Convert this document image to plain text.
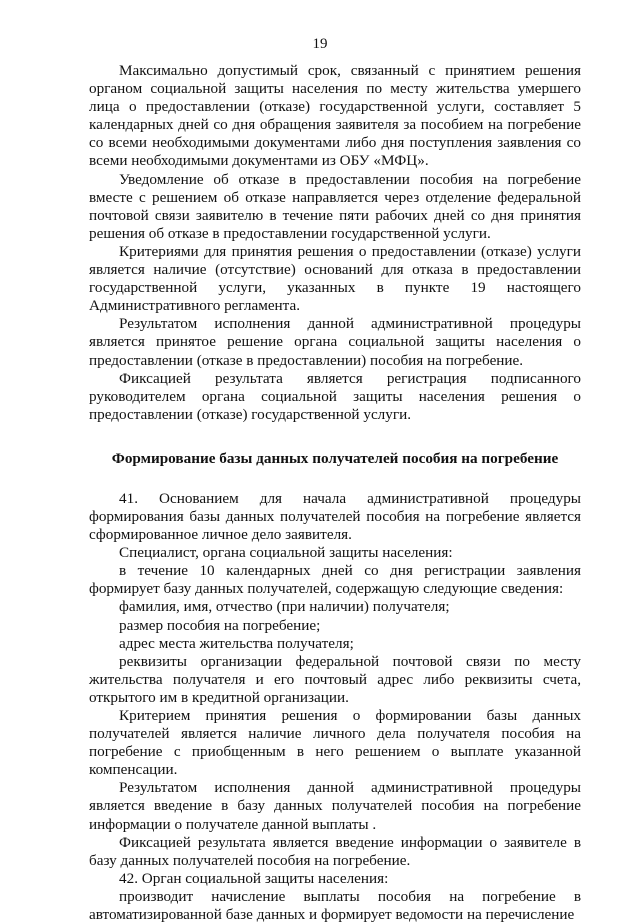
19

Максимально допустимый срок, связанный с принятием решения органом социальной защиты населения по месту жительства умершего лица о предоставлении (отказе) государственной услуги, составляет 5 календарных дней со дня обращения заявителя за пособием на погребение со всеми необходимыми документами либо дня поступления заявления со всеми необходимыми документами из ОБУ «МФЦ».

Уведомление об отказе в предоставлении пособия на погребение вместе с решением об отказе направляется через отделение федеральной почтовой связи заявителю в течение пяти рабочих дней со дня принятия решения об отказе в предоставлении государственной услуги.

Критериями для принятия решения о предоставлении (отказе) услуги является наличие (отсутствие) оснований для отказа в предоставлении государственной услуги, указанных в пункте 19 настоящего Административного регламента.

Результатом исполнения данной административной процедуры является принятое решение органа социальной защиты населения о предоставлении (отказе в предоставлении) пособия на погребение.

Фиксацией результата является регистрация подписанного руководителем органа социальной защиты населения решения о предоставлении (отказе) государственной услуги.

Формирование базы данных получателей пособия на погребение

41. Основанием для начала административной процедуры формирования базы данных получателей пособия на погребение является сформированное личное дело заявителя.

Специалист, органа социальной защиты населения:

в течение 10 календарных дней со дня регистрации заявления формирует базу данных получателей, содержащую следующие сведения:

фамилия, имя, отчество (при наличии) получателя;

размер пособия на погребение;

адрес места жительства получателя;

реквизиты организации федеральной почтовой связи по месту жительства получателя и его почтовый адрес либо реквизиты счета, открытого им в кредитной организации.

Критерием принятия решения о формировании базы данных получателей является наличие личного дела получателя пособия на погребение с приобщенным в него решением о выплате указанной компенсации.

Результатом исполнения данной административной процедуры является введение в базу данных получателей пособия на погребение информации о получателе данной выплаты .

Фиксацией результата является введение информации о заявителе в базу данных получателей пособия на погребение.

42. Орган социальной защиты населения:

производит начисление выплаты пособия на погребение в автоматизированной базе данных и формирует ведомости на перечисление
